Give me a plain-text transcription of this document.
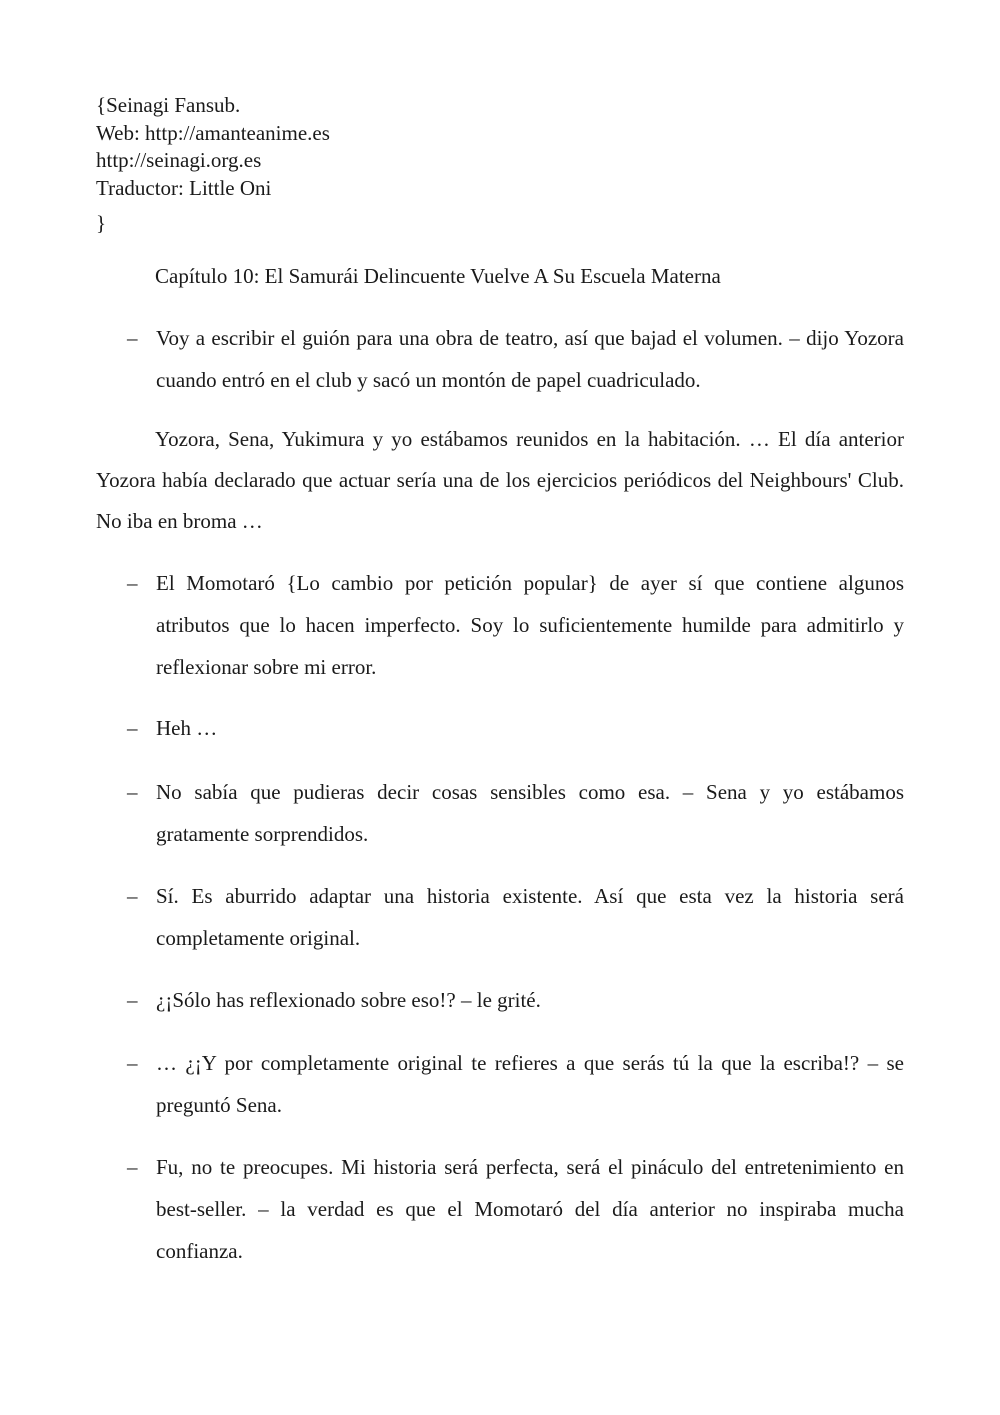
{Seinagi Fansub.
Web: http://amanteanime.es
http://seinagi.org.es
Traductor: Little Oni
}
Capítulo 10: El Samurái Delincuente Vuelve A Su Escuela Materna
– Voy a escribir el guión para una obra de teatro, así que bajad el volumen. – dijo Yozora cuando entró en el club y sacó un montón de papel cuadriculado.
Yozora, Sena, Yukimura y yo estábamos reunidos en la habitación. … El día anterior Yozora había declarado que actuar sería una de los ejercicios periódicos del Neighbours' Club. No iba en broma …
– El Momotaró {Lo cambio por petición popular} de ayer sí que contiene algunos atributos que lo hacen imperfecto. Soy lo suficientemente humilde para admitirlo y reflexionar sobre mi error.
– Heh …
– No sabía que pudieras decir cosas sensibles como esa. – Sena y yo estábamos gratamente sorprendidos.
– Sí. Es aburrido adaptar una historia existente. Así que esta vez la historia será completamente original.
– ¿¡Sólo has reflexionado sobre eso!? – le grité.
– … ¿¡Y por completamente original te refieres a que serás tú la que la escriba!? – se preguntó Sena.
– Fu, no te preocupes. Mi historia será perfecta, será el pináculo del entretenimiento en best-seller. – la verdad es que el Momotaró del día anterior no inspiraba mucha confianza.
